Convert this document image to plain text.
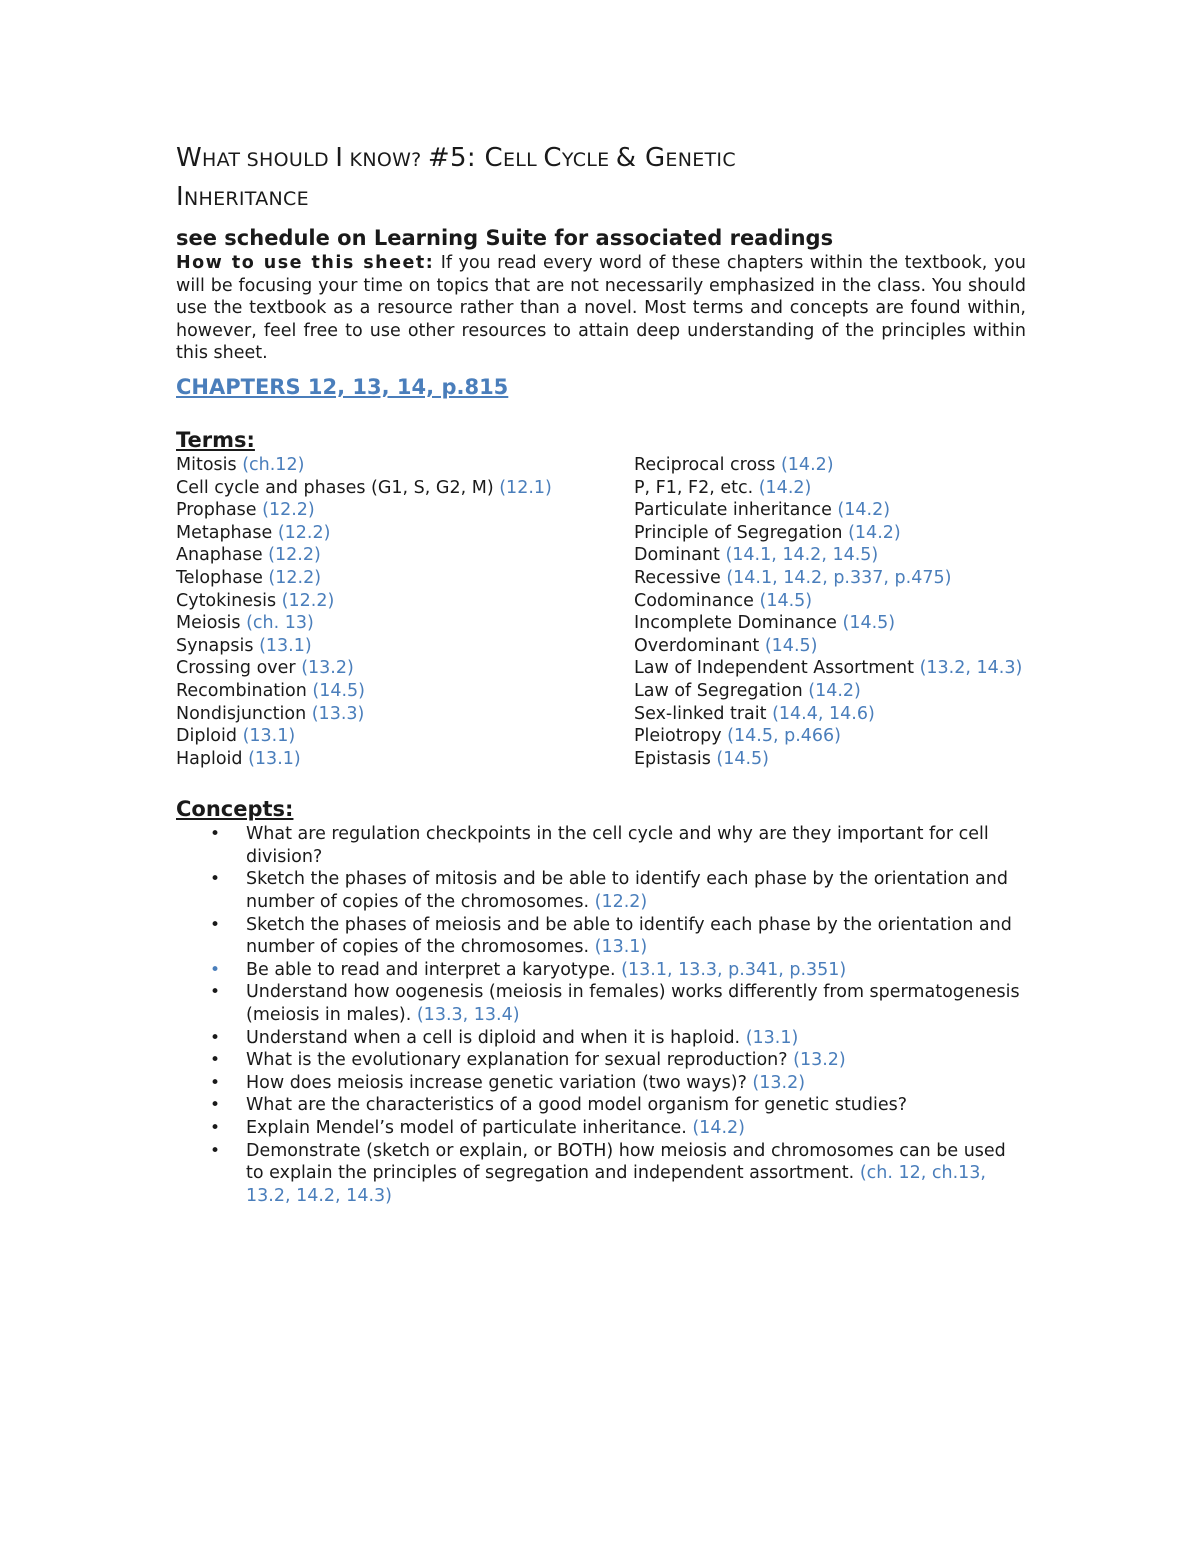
WHAT SHOULD I KNOW? #5: CELL CYCLE & GENETIC
INHERITANCE
see schedule on Learning Suite for associated readings

How to use this sheet: If you read every word of these chapters within the textbook, you will be focusing your time on topics that are not necessarily emphasized in the class. You should use the textbook as a resource rather than a novel. Most terms and concepts are found within, however, feel free to use other resources to attain deep understanding of the principles within this sheet.

CHAPTERS 12, 13, 14, p.815
Terms:
Mitosis (ch.12)
Cell cycle and phases (G1, S, G2, M) (12.1)
Prophase (12.2)
Metaphase (12.2)
Anaphase (12.2)
Telophase (12.2)
Cytokinesis (12.2)
Meiosis (ch. 13)
Synapsis (13.1)
Crossing over (13.2)
Recombination (14.5)
Nondisjunction (13.3)
Diploid (13.1)
Haploid (13.1)
Reciprocal cross (14.2)
P, F1, F2, etc. (14.2)
Particulate inheritance (14.2)
Principle of Segregation (14.2)
Dominant (14.1, 14.2, 14.5)
Recessive (14.1, 14.2, p.337, p.475)
Codominance (14.5)
Incomplete Dominance (14.5)
Overdominant (14.5)
Law of Independent Assortment (13.2, 14.3)
Law of Segregation (14.2)
Sex-linked trait (14.4, 14.6)
Pleiotropy (14.5, p.466)
Epistasis (14.5)
Concepts:
• What are regulation checkpoints in the cell cycle and why are they important for cell division?
• Sketch the phases of mitosis and be able to identify each phase by the orientation and number of copies of the chromosomes. (12.2)
• Sketch the phases of meiosis and be able to identify each phase by the orientation and number of copies of the chromosomes. (13.1)
• Be able to read and interpret a karyotype. (13.1, 13.3, p.341, p.351)
• Understand how oogenesis (meiosis in females) works differently from spermatogenesis (meiosis in males). (13.3, 13.4)
• Understand when a cell is diploid and when it is haploid. (13.1)
• What is the evolutionary explanation for sexual reproduction? (13.2)
• How does meiosis increase genetic variation (two ways)? (13.2)
• What are the characteristics of a good model organism for genetic studies?
• Explain Mendel’s model of particulate inheritance. (14.2)
• Demonstrate (sketch or explain, or BOTH) how meiosis and chromosomes can be used to explain the principles of segregation and independent assortment. (ch. 12, ch.13, 13.2, 14.2, 14.3)
